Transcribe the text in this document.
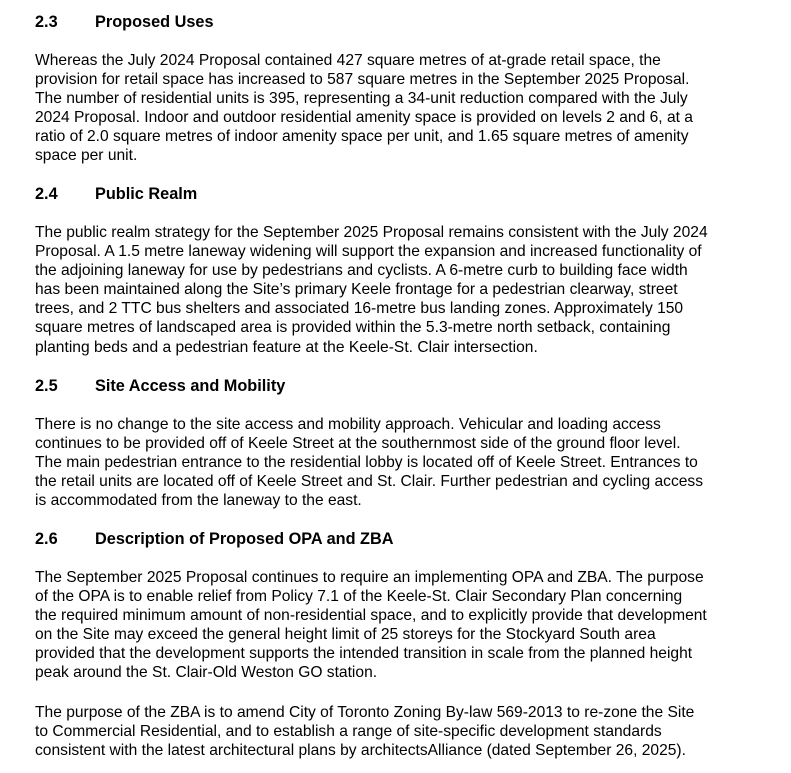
2.3	Proposed Uses

Whereas the July 2024 Proposal contained 427 square metres of at-grade retail space, the
provision for retail space has increased to 587 square metres in the September 2025 Proposal.
The number of residential units is 395, representing a 34-unit reduction compared with the July
2024 Proposal. Indoor and outdoor residential amenity space is provided on levels 2 and 6, at a
ratio of 2.0 square metres of indoor amenity space per unit, and 1.65 square metres of amenity
space per unit.

2.4	Public Realm

The public realm strategy for the September 2025 Proposal remains consistent with the July 2024
Proposal. A 1.5 metre laneway widening will support the expansion and increased functionality of
the adjoining laneway for use by pedestrians and cyclists. A 6-metre curb to building face width
has been maintained along the Site’s primary Keele frontage for a pedestrian clearway, street
trees, and 2 TTC bus shelters and associated 16-metre bus landing zones. Approximately 150
square metres of landscaped area is provided within the 5.3-metre north setback, containing
planting beds and a pedestrian feature at the Keele-St. Clair intersection.

2.5	Site Access and Mobility

There is no change to the site access and mobility approach. Vehicular and loading access
continues to be provided off of Keele Street at the southernmost side of the ground floor level.
The main pedestrian entrance to the residential lobby is located off of Keele Street. Entrances to
the retail units are located off of Keele Street and St. Clair. Further pedestrian and cycling access
is accommodated from the laneway to the east.

2.6	Description of Proposed OPA and ZBA

The September 2025 Proposal continues to require an implementing OPA and ZBA. The purpose
of the OPA is to enable relief from Policy 7.1 of the Keele-St. Clair Secondary Plan concerning
the required minimum amount of non-residential space, and to explicitly provide that development
on the Site may exceed the general height limit of 25 storeys for the Stockyard South area
provided that the development supports the intended transition in scale from the planned height
peak around the St. Clair-Old Weston GO station.

The purpose of the ZBA is to amend City of Toronto Zoning By-law 569-2013 to re-zone the Site
to Commercial Residential, and to establish a range of site-specific development standards
consistent with the latest architectural plans by architectsAlliance (dated September 26, 2025).
